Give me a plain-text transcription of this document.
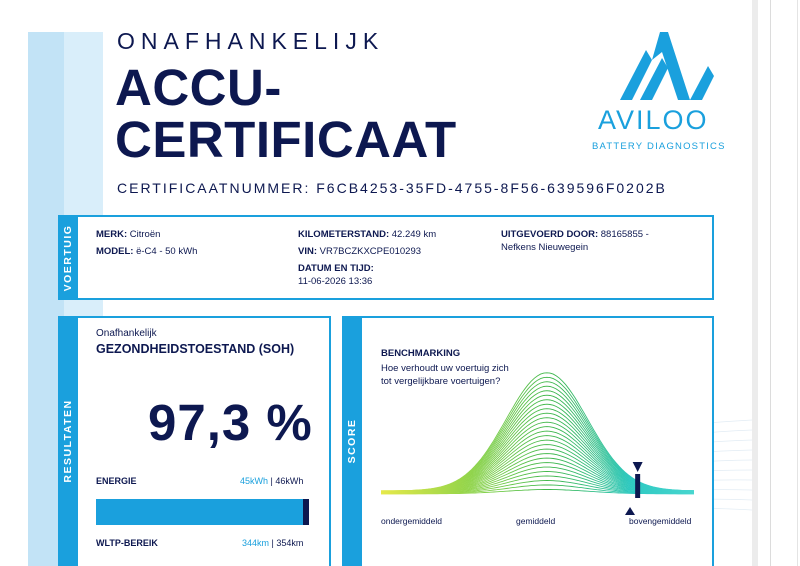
ONAFHANKELIJK
ACCU-
CERTIFICAAT
CERTIFICAATNUMMER: F6CB4253-35FD-4755-8F56-639596F0202B
AVILOO
BATTERY DIAGNOSTICS
VOERTUIG MERK: Citroën
MODEL: ë-C4 - 50 kWh
KILOMETERSTAND: 42.249 km
VIN: VR7BCZKXCPE010293
DATUM EN TIJD:
11-06-2026 13:36
UITGEVOERD DOOR: 88165855 -
Nefkens Nieuwegein
RESULTATEN
Onafhankelijk
GEZONDHEIDSTOESTAND (SOH)
97,3 %
ENERGIE	45kWh | 46kWh
WLTP-BEREIK	344km | 354km
SCORE
BENCHMARKING
Hoe verhoudt uw voertuig zich tot vergelijkbare voertuigen?
ondergemiddeld	gemiddeld	bovengemiddeld
